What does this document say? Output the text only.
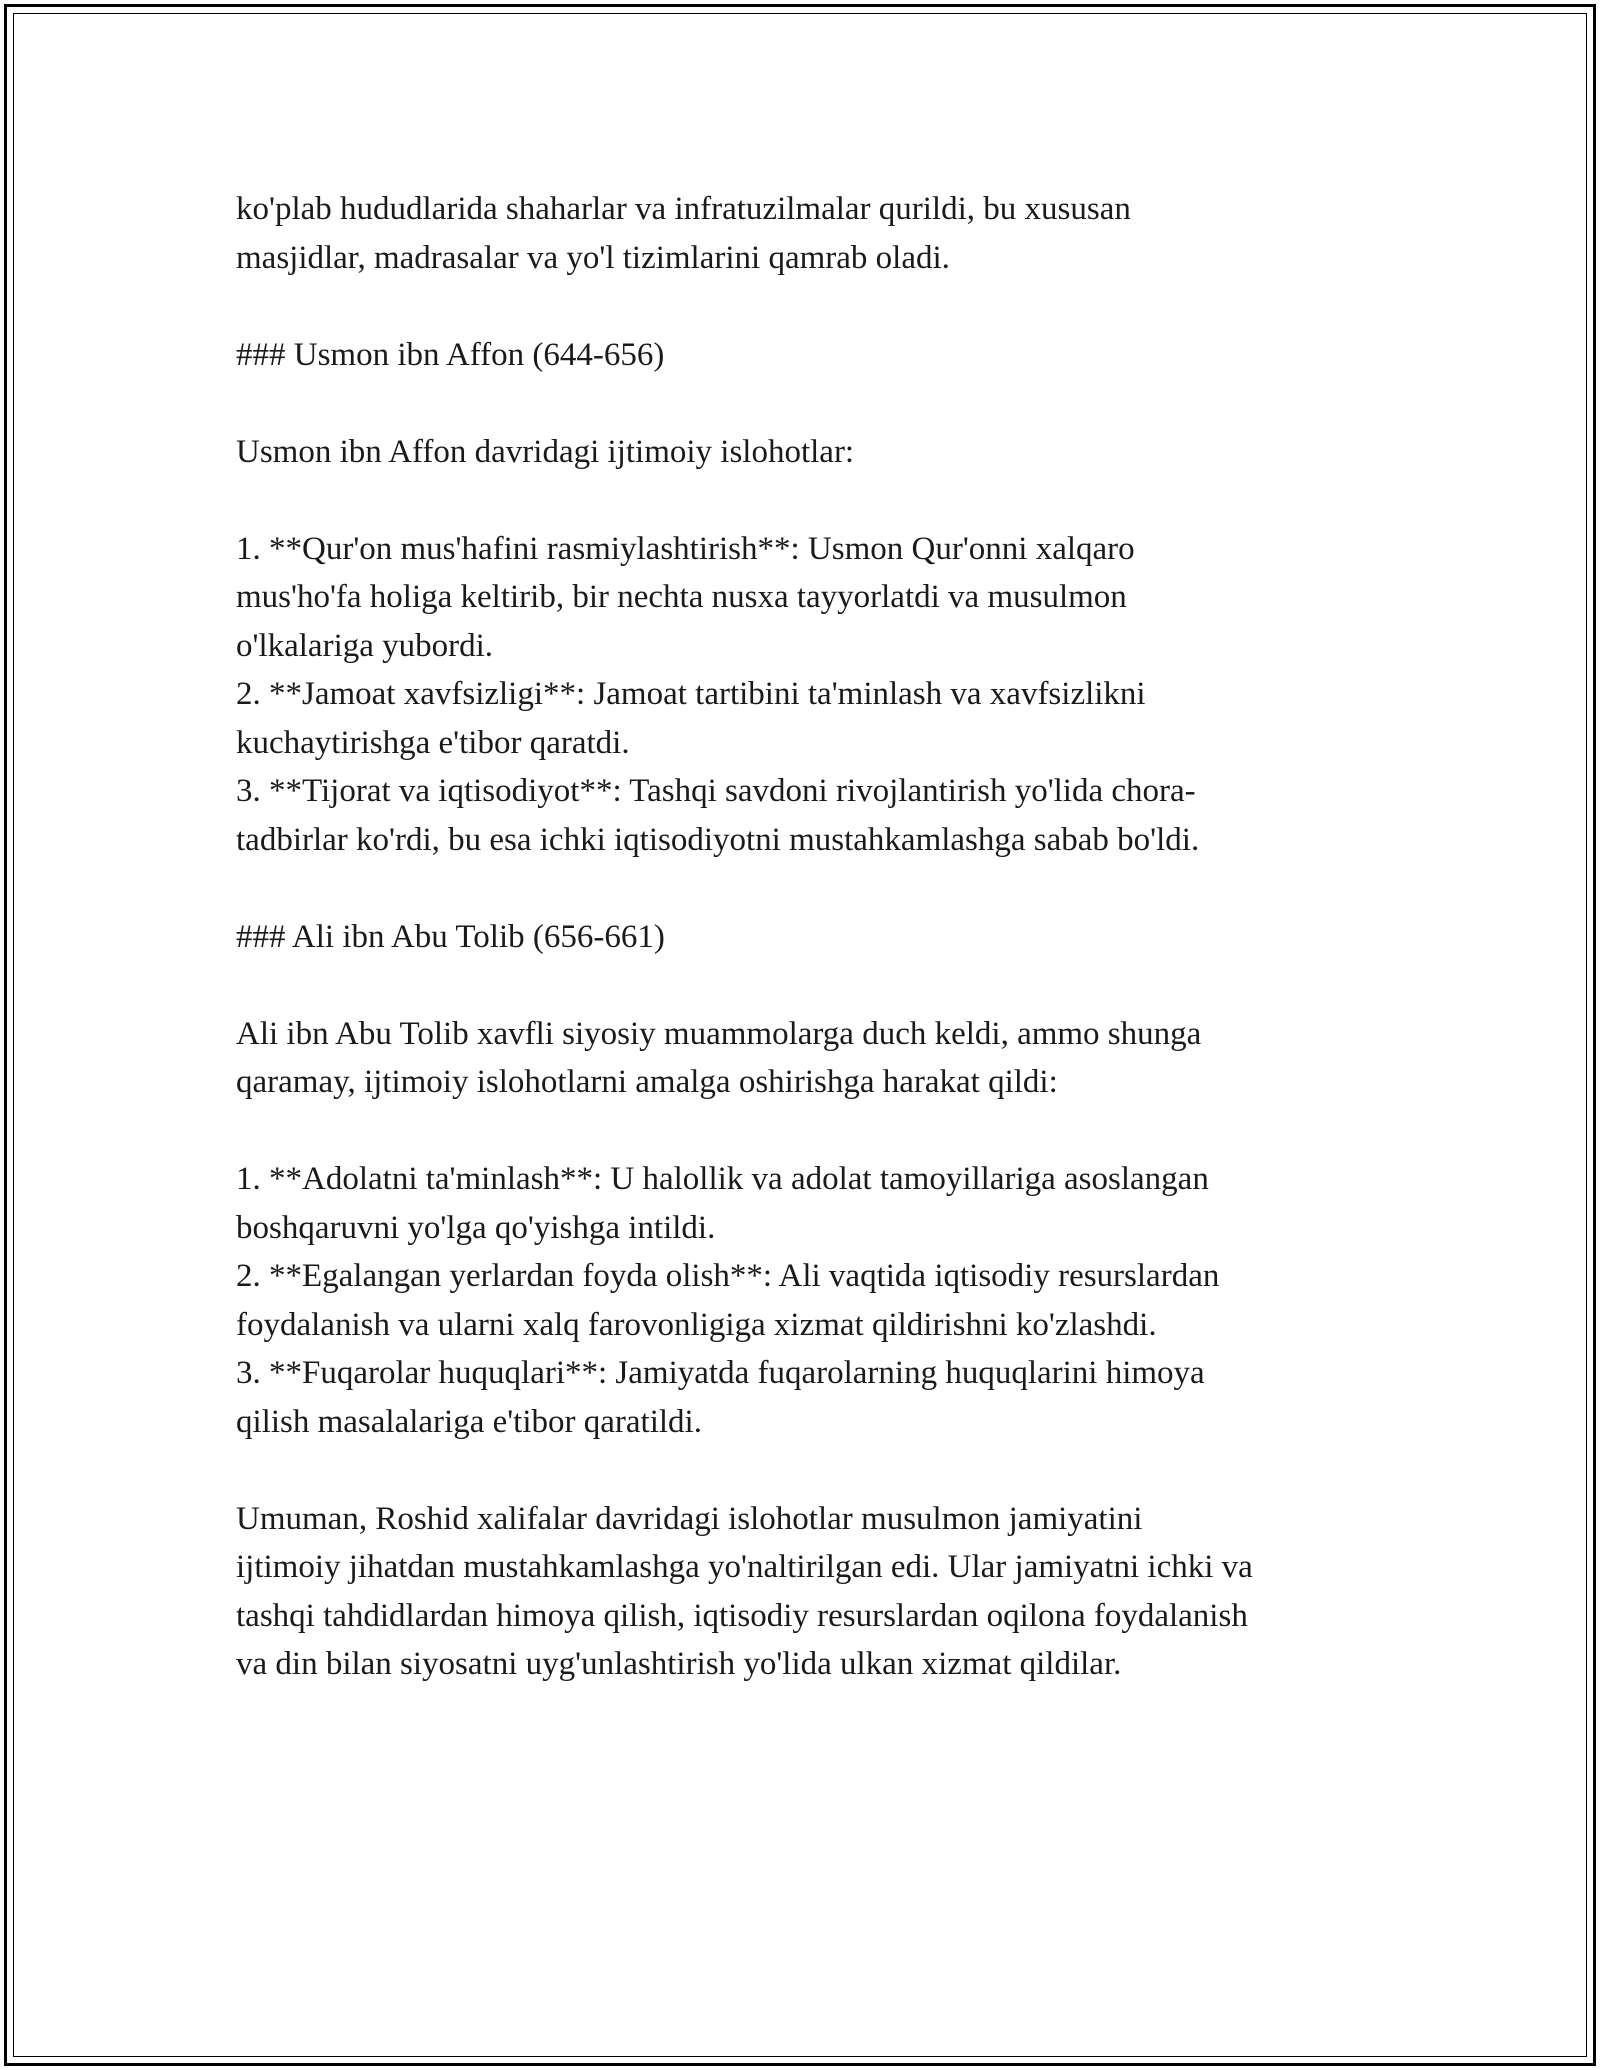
ko'plab hududlarida shaharlar va infratuzilmalar qurildi, bu xususan
masjidlar, madrasalar va yo'l tizimlarini qamrab oladi.
### Usmon ibn Affon (644-656)
Usmon ibn Affon davridagi ijtimoiy islohotlar:
1. **Qur'on mus'hafini rasmiylashtirish**: Usmon Qur'onni xalqaro
mus'ho'fa holiga keltirib, bir nechta nusxa tayyorlatdi va musulmon
o'lkalariga yubordi.
2. **Jamoat xavfsizligi**: Jamoat tartibini ta'minlash va xavfsizlikni
kuchaytirishga e'tibor qaratdi.
3. **Tijorat va iqtisodiyot**: Tashqi savdoni rivojlantirish yo'lida chora-
tadbirlar ko'rdi, bu esa ichki iqtisodiyotni mustahkamlashga sabab bo'ldi.
### Ali ibn Abu Tolib (656-661)
Ali ibn Abu Tolib xavfli siyosiy muammolarga duch keldi, ammo shunga
qaramay, ijtimoiy islohotlarni amalga oshirishga harakat qildi:
1. **Adolatni ta'minlash**: U halollik va adolat tamoyillariga asoslangan
boshqaruvni yo'lga qo'yishga intildi.
2. **Egalangan yerlardan foyda olish**: Ali vaqtida iqtisodiy resurslardan
foydalanish va ularni xalq farovonligiga xizmat qildirishni ko'zlashdi.
3. **Fuqarolar huquqlari**: Jamiyatda fuqarolarning huquqlarini himoya
qilish masalalariga e'tibor qaratildi.
Umuman, Roshid xalifalar davridagi islohotlar musulmon jamiyatini
ijtimoiy jihatdan mustahkamlashga yo'naltirilgan edi. Ular jamiyatni ichki va
tashqi tahdidlardan himoya qilish, iqtisodiy resurslardan oqilona foydalanish
va din bilan siyosatni uyg'unlashtirish yo'lida ulkan xizmat qildilar.
